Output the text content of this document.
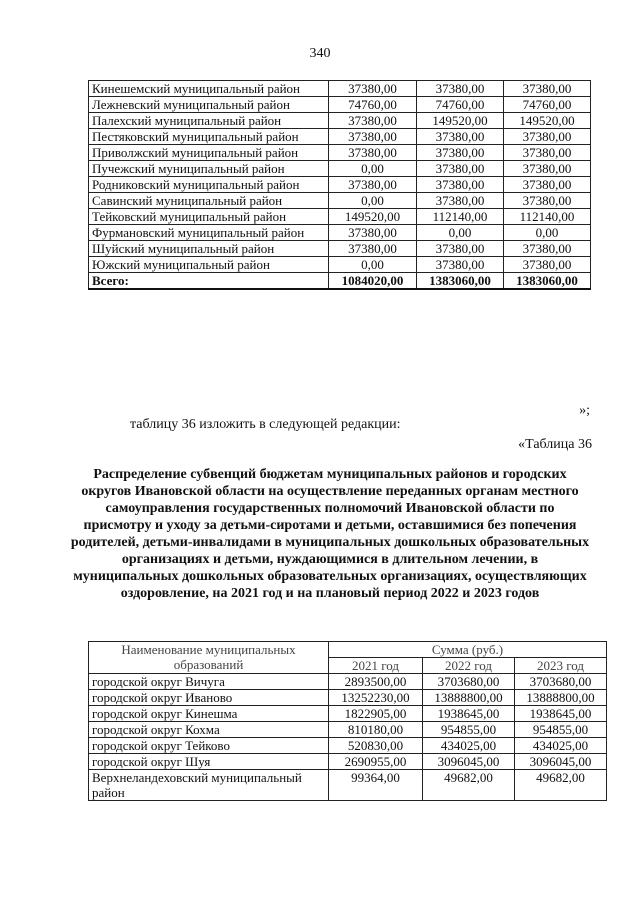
340
Кинешемский муниципальный район	37380,00	37380,00	37380,00
Лежневский муниципальный район	74760,00	74760,00	74760,00
Палехский муниципальный район	37380,00	149520,00	149520,00
Пестяковский муниципальный район	37380,00	37380,00	37380,00
Приволжский муниципальный район	37380,00	37380,00	37380,00
Пучежский муниципальный район	0,00	37380,00	37380,00
Родниковский муниципальный район	37380,00	37380,00	37380,00
Савинский муниципальный район	0,00	37380,00	37380,00
Тейковский муниципальный район	149520,00	112140,00	112140,00
Фурмановский муниципальный район	37380,00	0,00	0,00
Шуйский муниципальный район	37380,00	37380,00	37380,00
Южский муниципальный район	0,00	37380,00	37380,00
Всего:	1084020,00	1383060,00	1383060,00
»;
таблицу 36 изложить в следующей редакции:
«Таблица 36
Распределение субвенций бюджетам муниципальных районов и городских округов Ивановской области на осуществление переданных органам местного самоуправления государственных полномочий Ивановской области по присмотру и уходу за детьми-сиротами и детьми, оставшимися без попечения родителей, детьми-инвалидами в муниципальных дошкольных образовательных организациях и детьми, нуждающимися в длительном лечении, в муниципальных дошкольных образовательных организациях, осуществляющих оздоровление, на 2021 год и на плановый период 2022 и 2023 годов
Наименование муниципальных образований	Сумма (руб.)		
	2021 год	2022 год	2023 год
городской округ Вичуга	2893500,00	3703680,00	3703680,00
городской округ Иваново	13252230,00	13888800,00	13888800,00
городской округ Кинешма	1822905,00	1938645,00	1938645,00
городской округ Кохма	810180,00	954855,00	954855,00
городской округ Тейково	520830,00	434025,00	434025,00
городской округ Шуя	2690955,00	3096045,00	3096045,00
Верхнеландеховский муниципальный район	99364,00	49682,00	49682,00
